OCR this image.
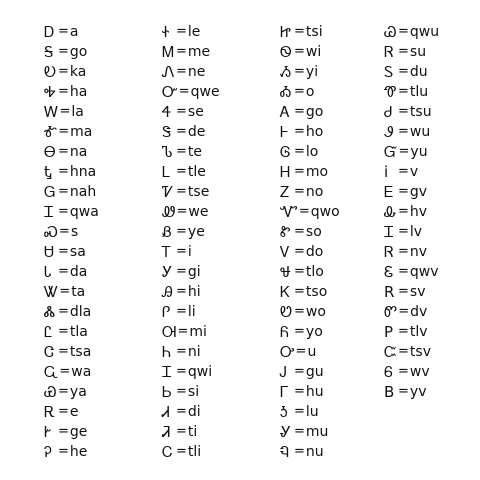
Ꭰ = a
Ꭶ = go
Ꭷ = ka
Ꭽ = ha
Ꮃ = la
Ꮉ = ma
Ꮎ = na
Ꮏ = hna
Ꮐ = nah
Ꮖ = qwa
Ꮝ = s
Ꮜ = sa
Ꮣ = da
Ꮤ = ta
Ꮬ = dla
Ꮭ = tla
Ꮳ = tsa
Ꮹ = wa
Ꮿ = ya
Ꭱ = e
Ꭸ = ge
Ꭾ = he
Ꮠ = le
Ꮇ = me
Ꮑ = ne
Ꮕ = qwe
Ꮞ = se
Ꮥ = de
Ꮦ = te
Ꮮ = tle
Ꮴ = tse
Ꮺ = we
Ᏸ = ye
Ꭲ = i
Ꭹ = gi
Ꭿ = hi
Ꮅ = li
Ꮊ = mi
Ꮒ = ni
Ꮖ = qwi
Ꮟ = si
Ꮧ = di
Ꮨ = ti
Ꮯ = tli
Ꮵ = tsi
Ꮻ = wi
Ᏹ = yi
Ꭳ = o
Ꭺ = go
Ꮀ = ho
Ꮆ = lo
Ꮋ = mo
Ꮓ = no
Ꮙ = qwo
Ꮡ = so
Ꮩ = do
Ꮰ = tlo
Ꮶ = tso
Ꮼ = wo
Ᏺ = yo
Ꭴ = u
Ꭻ = gu
Ꮁ = hu
Ꮌ = lu
Ꮍ = mu
Ꮔ = nu
Ꮚ = qwu
Ꮢ = su
Ꮪ = du
Ꮱ = tlu
Ꮷ = tsu
Ꮽ = wu
Ᏻ = yu
i = v
Ꭼ = gv
Ꮂ = hv
Ꮖ = lv
Ꮢ = nv
Ꮛ = qwv
R = sv
Ꮫ = dv
P = tlv
Ꮸ = tsv
Ꮾ = wv
B = yv
